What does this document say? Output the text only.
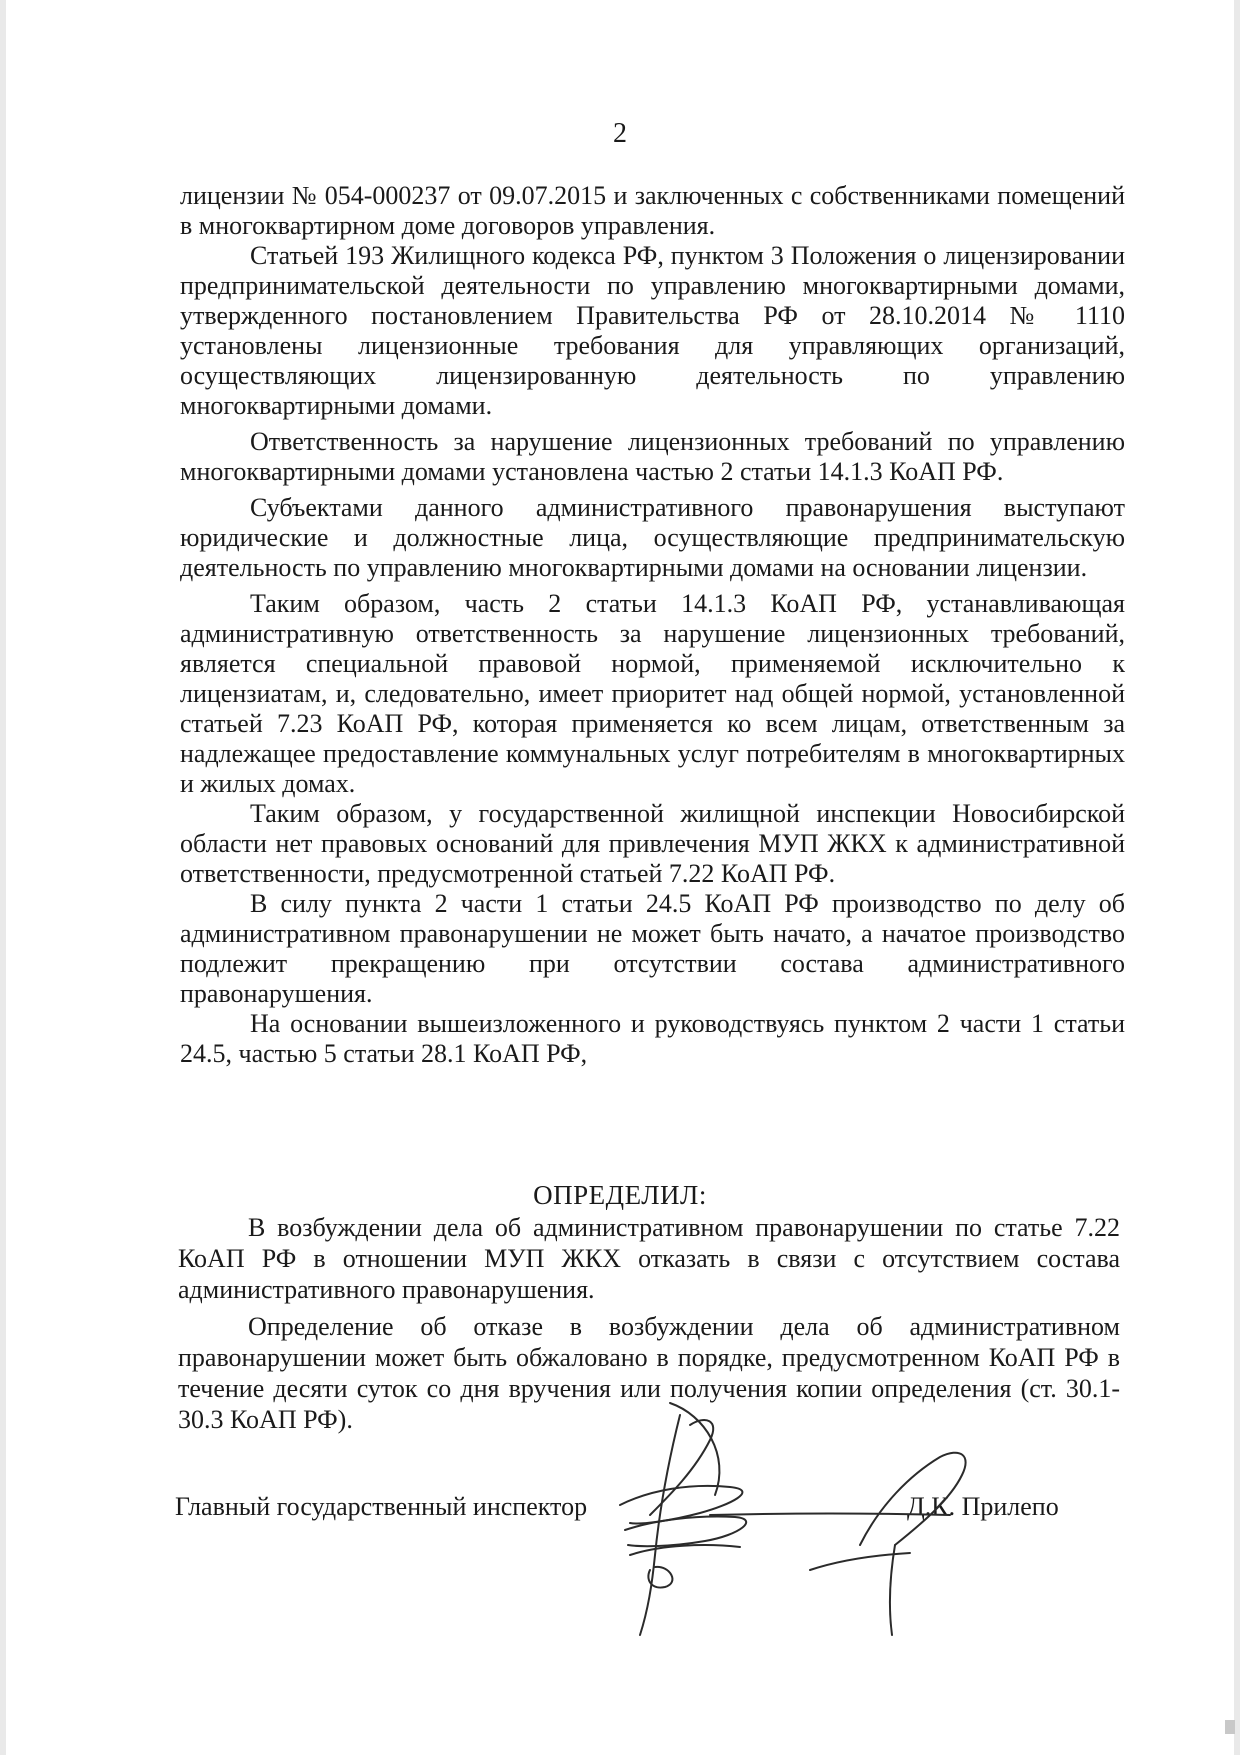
2

лицензии № 054-000237 от 09.07.2015 и заключенных с собственниками помещений в многоквартирном доме договоров управления.

Статьей 193 Жилищного кодекса РФ, пунктом 3 Положения о лицензировании предпринимательской деятельности по управлению многоквартирными домами, утвержденного постановлением Правительства РФ от 28.10.2014 № 1110 установлены лицензионные требования для управляющих организаций, осуществляющих лицензированную деятельность по управлению многоквартирными домами.

Ответственность за нарушение лицензионных требований по управлению многоквартирными домами установлена частью 2 статьи 14.1.3 КоАП РФ.

Субъектами данного административного правонарушения выступают юридические и должностные лица, осуществляющие предпринимательскую деятельность по управлению многоквартирными домами на основании лицензии.

Таким образом, часть 2 статьи 14.1.3 КоАП РФ, устанавливающая административную ответственность за нарушение лицензионных требований, является специальной правовой нормой, применяемой исключительно к лицензиатам, и, следовательно, имеет приоритет над общей нормой, установленной статьей 7.23 КоАП РФ, которая применяется ко всем лицам, ответственным за надлежащее предоставление коммунальных услуг потребителям в многоквартирных и жилых домах.

Таким образом, у государственной жилищной инспекции Новосибирской области нет правовых оснований для привлечения МУП ЖКХ к административной ответственности, предусмотренной статьей 7.22 КоАП РФ.

В силу пункта 2 части 1 статьи 24.5 КоАП РФ производство по делу об административном правонарушении не может быть начато, а начатое производство подлежит прекращению при отсутствии состава административного правонарушения.

На основании вышеизложенного и руководствуясь пунктом 2 части 1 статьи 24.5, частью 5 статьи 28.1 КоАП РФ,

ОПРЕДЕЛИЛ:

В возбуждении дела об административном правонарушении по статье 7.22 КоАП РФ в отношении МУП ЖКХ отказать в связи с отсутствием состава административного правонарушения.

Определение об отказе в возбуждении дела об административном правонарушении может быть обжаловано в порядке, предусмотренном КоАП РФ в течение десяти суток со дня вручения или получения копии определения (ст. 30.1-30.3 КоАП РФ).

Главный государственный инспектор	Д.К. Прилепо
